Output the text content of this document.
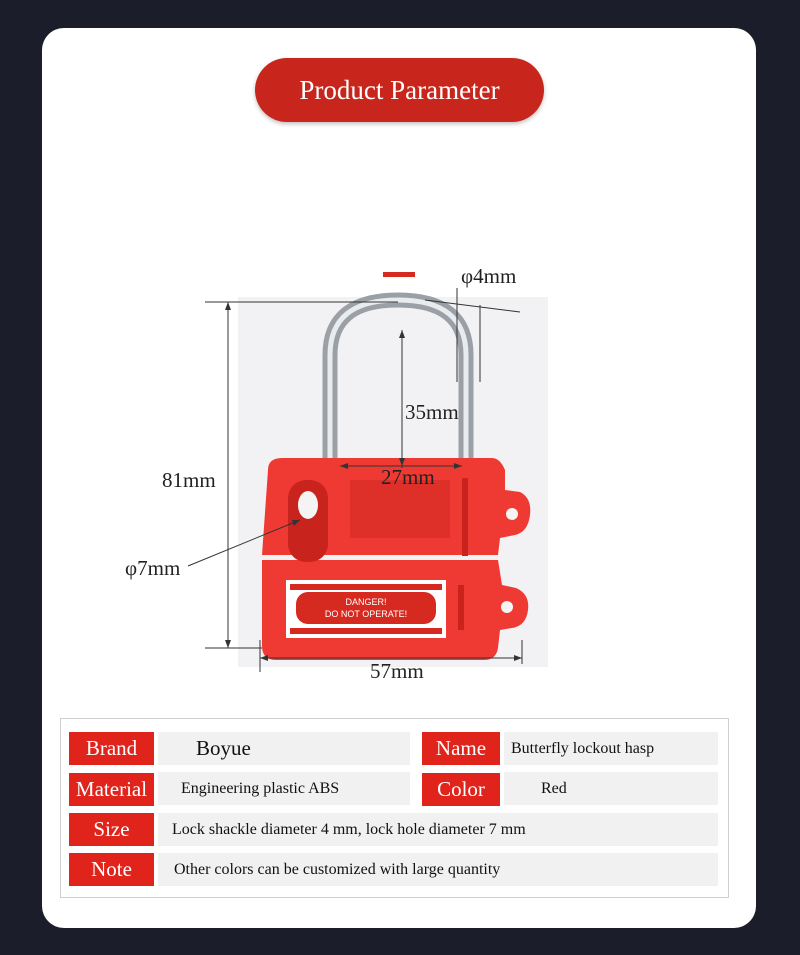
Product Parameter
DANGER!
DO NOT OPERATE!
φ4mm
35mm
27mm
81mm
φ7mm
57mm
Brand	Boyue	Name	Butterfly lockout hasp
Material	Engineering plastic ABS	Color	Red
Size	Lock shackle diameter 4 mm, lock hole diameter 7 mm
Note	Other colors can be customized with large quantity
